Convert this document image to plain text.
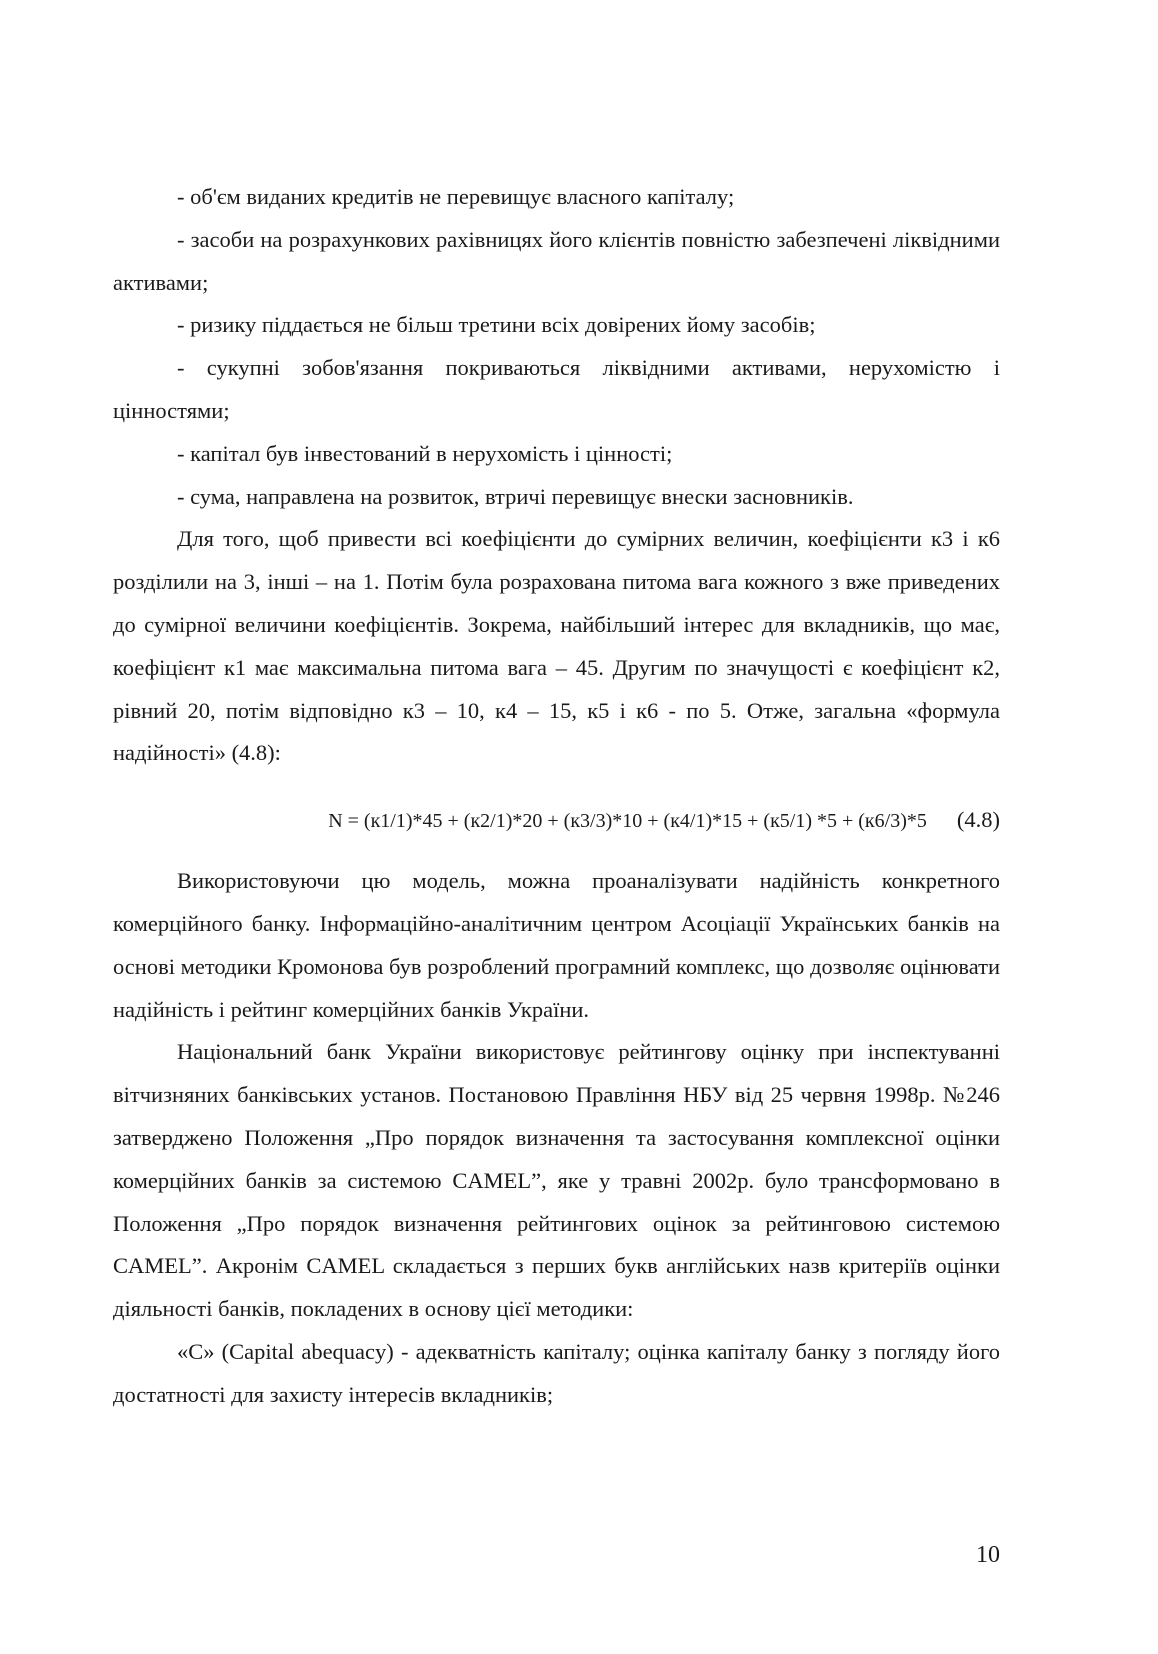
- об'єм виданих кредитів не перевищує власного капіталу;

- засоби на розрахункових рахівницях його клієнтів повністю забезпечені ліквідними активами;

- ризику піддається не більш третини всіх довірених йому засобів;

- сукупні зобов'язання покриваються ліквідними активами, нерухомістю і цінностями;

- капітал був інвестований в нерухомість і цінності;

- сума, направлена на розвиток, втричі перевищує внески засновників.

Для того, щоб привести всі коефіцієнти до сумірних величин, коефіцієнти к3 і к6 розділили на 3, інші – на 1. Потім була розрахована питома вага кожного з вже приведених до сумірної величини коефіцієнтів. Зокрема, найбільший інтерес для вкладників, що має, коефіцієнт к1 має максимальна питома вага – 45. Другим по значущості є коефіцієнт к2, рівний 20, потім відповідно к3 – 10, к4 – 15, к5 і к6 - по 5. Отже, загальна «формула надійності» (4.8):

N = (к1/1)*45 + (к2/1)*20 + (к3/3)*10 + (к4/1)*15 + (к5/1) *5 + (к6/3)*5 (4.8)

Використовуючи цю модель, можна проаналізувати надійність конкретного комерційного банку. Інформаційно-аналітичним центром Асоціації Українських банків на основі методики Кромонова був розроблений програмний комплекс, що дозволяє оцінювати надійність і рейтинг комерційних банків України.

Національний банк України використовує рейтингову оцінку при інспектуванні вітчизняних банківських установ. Постановою Правління НБУ від 25 червня 1998р. №246 затверджено Положення „Про порядок визначення та застосування комплексної оцінки комерційних банків за системою CAMEL”, яке у травні 2002р. було трансформовано в Положення „Про порядок визначення рейтингових оцінок за рейтинговою системою CAMEL”. Акронім CAMEL складається з перших букв англійських назв критеріїв оцінки діяльності банків, покладених в основу цієї методики:

«С» (Capital abequacy) - адекватність капіталу; оцінка капіталу банку з погляду його достатності для захисту інтересів вкладників;

10
